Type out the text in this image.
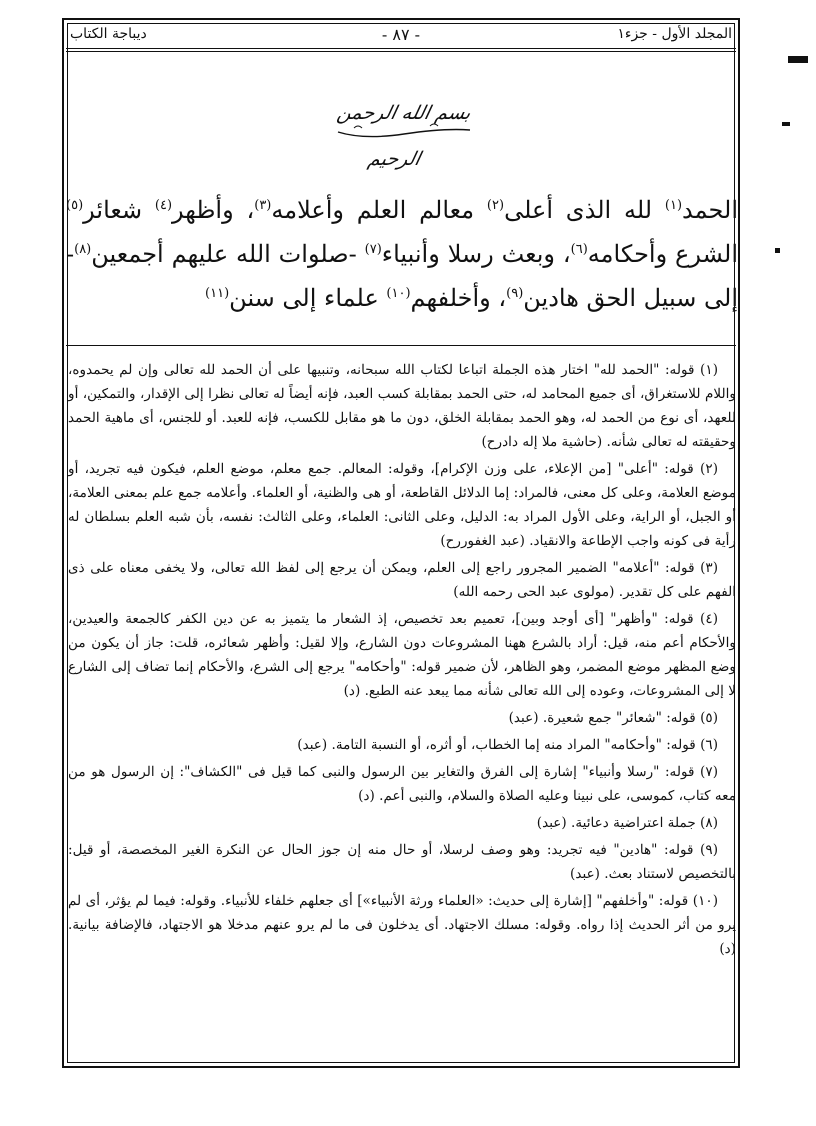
المجلد الأول - جزء١
- ٨٧ -
ديباجة الكتاب
بسم الله الرحمن الرحيم
الحمد$^{(١)}$ لله الذى أعلى$^{(٢)}$ معالم العلم وأعلامه$^{(٣)}$، وأظهر$^{(٤)}$ شعائر$^{(٥)}$ الشرع وأحكامه$^{(٦)}$، وبعث رسلا وأنبياء$^{(٧)}$ -صلوات الله عليهم أجمعين$^{(٨)}$- إلى سبيل الحق هادين$^{(٩)}$، وأخلفهم$^{(١٠)}$ علماء إلى سنن$^{(١١)}$

(١) قوله: "الحمد لله" اختار هذه الجملة اتباعا لكتاب الله سبحانه، وتنبيها على أن الحمد لله تعالى وإن لم يحمدوه، واللام للاستغراق، أى جميع المحامد له، حتى الحمد بمقابلة كسب العبد، فإنه أيضاً له تعالى نظرا إلى الإقدار، والتمكين، أو للعهد، أى نوع من الحمد له، وهو الحمد بمقابلة الخلق، دون ما هو مقابل للكسب، فإنه للعبد. أو للجنس، أى ماهية الحمد وحقيقته له تعالى شأنه. (حاشية ملا إله دادرح)

(٢) قوله: "أعلى" [من الإعلاء، على وزن الإكرام]، وقوله: المعالم. جمع معلم، موضع العلم، فيكون فيه تجريد، أو موضع العلامة، وعلى كل معنى، فالمراد: إما الدلائل القاطعة، أو هى والظنية، أو العلماء. وأعلامه جمع علم بمعنى العلامة، أو الجبل، أو الراية، وعلى الأول المراد به: الدليل، وعلى الثانى: العلماء، وعلى الثالث: نفسه، بأن شبه العلم بسلطان له رأية فى كونه واجب الإطاعة والانقياد. (عبد الغفوررح)

(٣) قوله: "أعلامه" الضمير المجرور راجع إلى العلم، ويمكن أن يرجع إلى لفظ الله تعالى، ولا يخفى معناه على ذى الفهم على كل تقدير. (مولوى عبد الحى رحمه الله)

(٤) قوله: "وأظهر" [أى أوجد وبين]، تعميم بعد تخصيص، إذ الشعار ما يتميز به عن دين الكفر كالجمعة والعيدين، والأحكام أعم منه، قيل: أراد بالشرع ههنا المشروعات دون الشارع، وإلا لقيل: وأظهر شعائره، قلت: جاز أن يكون من وضع المظهر موضع المضمر، وهو الظاهر، لأن ضمير قوله: "وأحكامه" يرجع إلى الشرع، والأحكام إنما تضاف إلى الشارع لا إلى المشروعات، وعوده إلى الله تعالى شأنه مما يبعد عنه الطبع. (د)

(٥) قوله: "شعائر" جمع شعيرة. (عبد)

(٦) قوله: "وأحكامه" المراد منه إما الخطاب، أو أثره، أو النسبة التامة. (عبد)

(٧) قوله: "رسلا وأنبياء" إشارة إلى الفرق والتغاير بين الرسول والنبى كما قيل فى "الكشاف": إن الرسول هو من معه كتاب، كموسى، على نبينا وعليه الصلاة والسلام، والنبى أعم. (د)

(٨) جملة اعتراضية دعائية. (عبد)

(٩) قوله: "هادين" فيه تجريد: وهو وصف لرسلا، أو حال منه إن جوز الحال عن النكرة الغير المخصصة، أو قيل: بالتخصيص لاستناد بعث. (عبد)

(١٠) قوله: "وأخلفهم" [إشارة إلى حديث: «العلماء ورثة الأنبياء»] أى جعلهم خلفاء للأنبياء. وقوله: فيما لم يؤثر، أى لم يرو من أثر الحديث إذا رواه. وقوله: مسلك الاجتهاد. أى يدخلون فى ما لم يرو عنهم مدخلا هو الاجتهاد، فالإضافة بيانية. (د)
